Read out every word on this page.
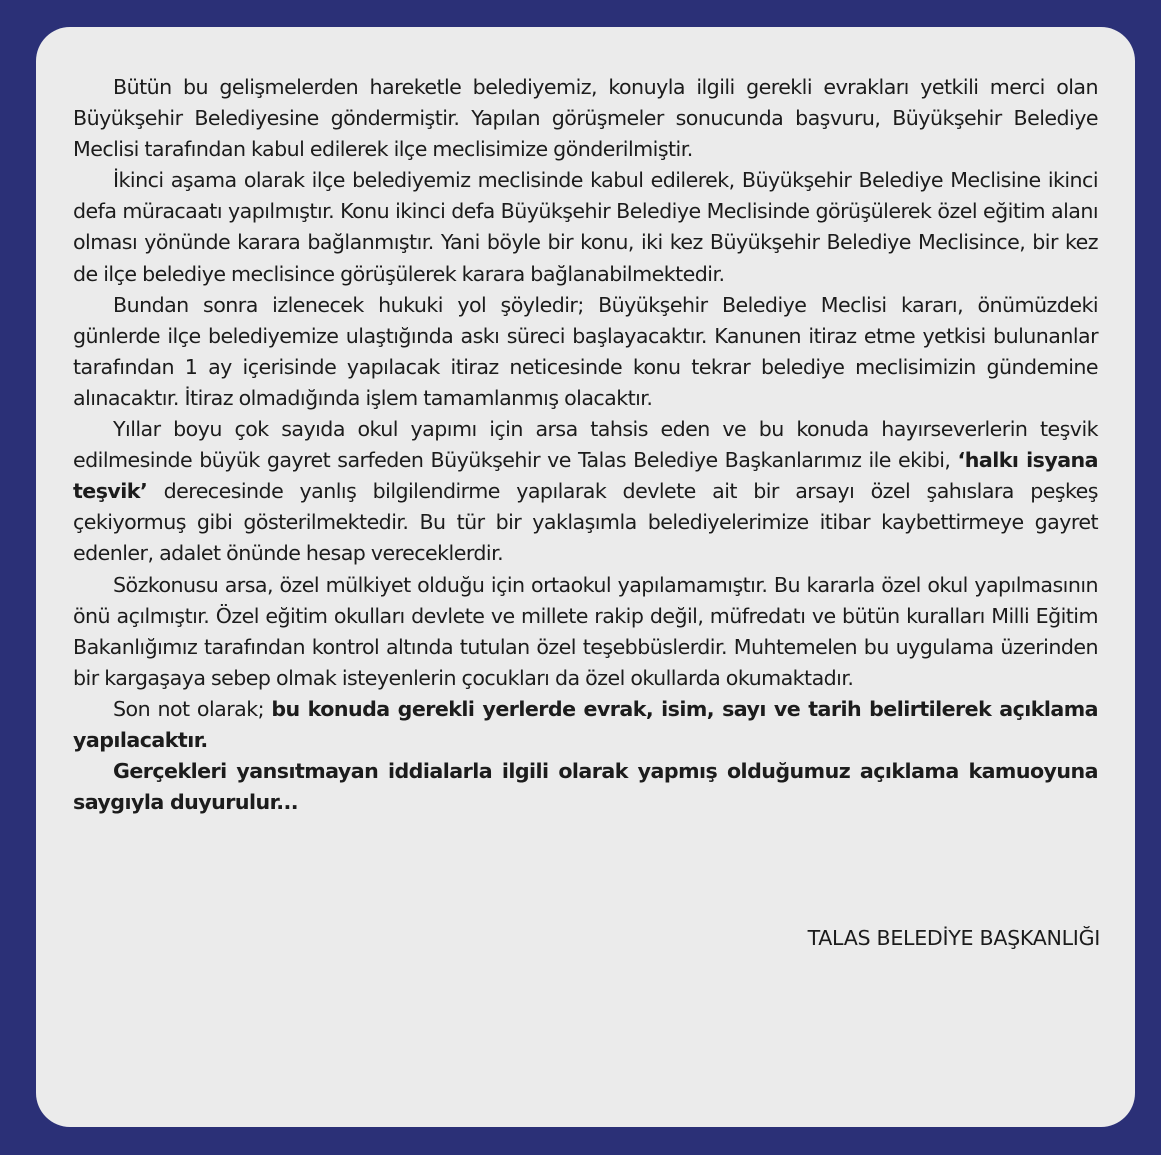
Bütün bu gelişmelerden hareketle belediyemiz, konuyla ilgili gerekli evrakları yetkili merci olan Büyükşehir Belediyesine göndermiştir. Yapılan görüşmeler sonucunda başvuru, Büyükşehir Belediye Meclisi tarafından kabul edilerek ilçe meclisimize gönderilmiştir.

İkinci aşama olarak ilçe belediyemiz meclisinde kabul edilerek, Büyükşehir Belediye Meclisine ikinci defa müracaatı yapılmıştır. Konu ikinci defa Büyükşehir Belediye Meclisinde görüşülerek özel eğitim alanı olması yönünde karara bağlanmıştır. Yani böyle bir konu, iki kez Büyükşehir Belediye Meclisince, bir kez de ilçe belediye meclisince görüşülerek karara bağlanabilmektedir.

Bundan sonra izlenecek hukuki yol şöyledir; Büyükşehir Belediye Meclisi kararı, önümüzdeki günlerde ilçe belediyemize ulaştığında askı süreci başlayacaktır. Kanunen itiraz etme yetkisi bulunanlar tarafından 1 ay içerisinde yapılacak itiraz neticesinde konu tekrar belediye meclisimizin gündemine alınacaktır. İtiraz olmadığında işlem tamamlanmış olacaktır.

Yıllar boyu çok sayıda okul yapımı için arsa tahsis eden ve bu konuda hayırseverlerin teşvik edilmesinde büyük gayret sarfeden Büyükşehir ve Talas Belediye Başkanlarımız ile ekibi, ‘halkı isyana teşvik’ derecesinde yanlış bilgilendirme yapılarak devlete ait bir arsayı özel şahıslara peşkeş çekiyormuş gibi gösterilmektedir. Bu tür bir yaklaşımla belediyelerimize itibar kaybettirmeye gayret edenler, adalet önünde hesap vereceklerdir.

Sözkonusu arsa, özel mülkiyet olduğu için ortaokul yapılamamıştır. Bu kararla özel okul yapılmasının önü açılmıştır. Özel eğitim okulları devlete ve millete rakip değil, müfredatı ve bütün kuralları Milli Eğitim Bakanlığımız tarafından kontrol altında tutulan özel teşebbüslerdir. Muhtemelen bu uygulama üzerinden bir kargaşaya sebep olmak isteyenlerin çocukları da özel okullarda okumaktadır.

Son not olarak; bu konuda gerekli yerlerde evrak, isim, sayı ve tarih belirtilerek açıklama yapılacaktır.

Gerçekleri yansıtmayan iddialarla ilgili olarak yapmış olduğumuz açıklama kamuoyuna saygıyla duyurulur...

TALAS BELEDİYE BAŞKANLIĞI
